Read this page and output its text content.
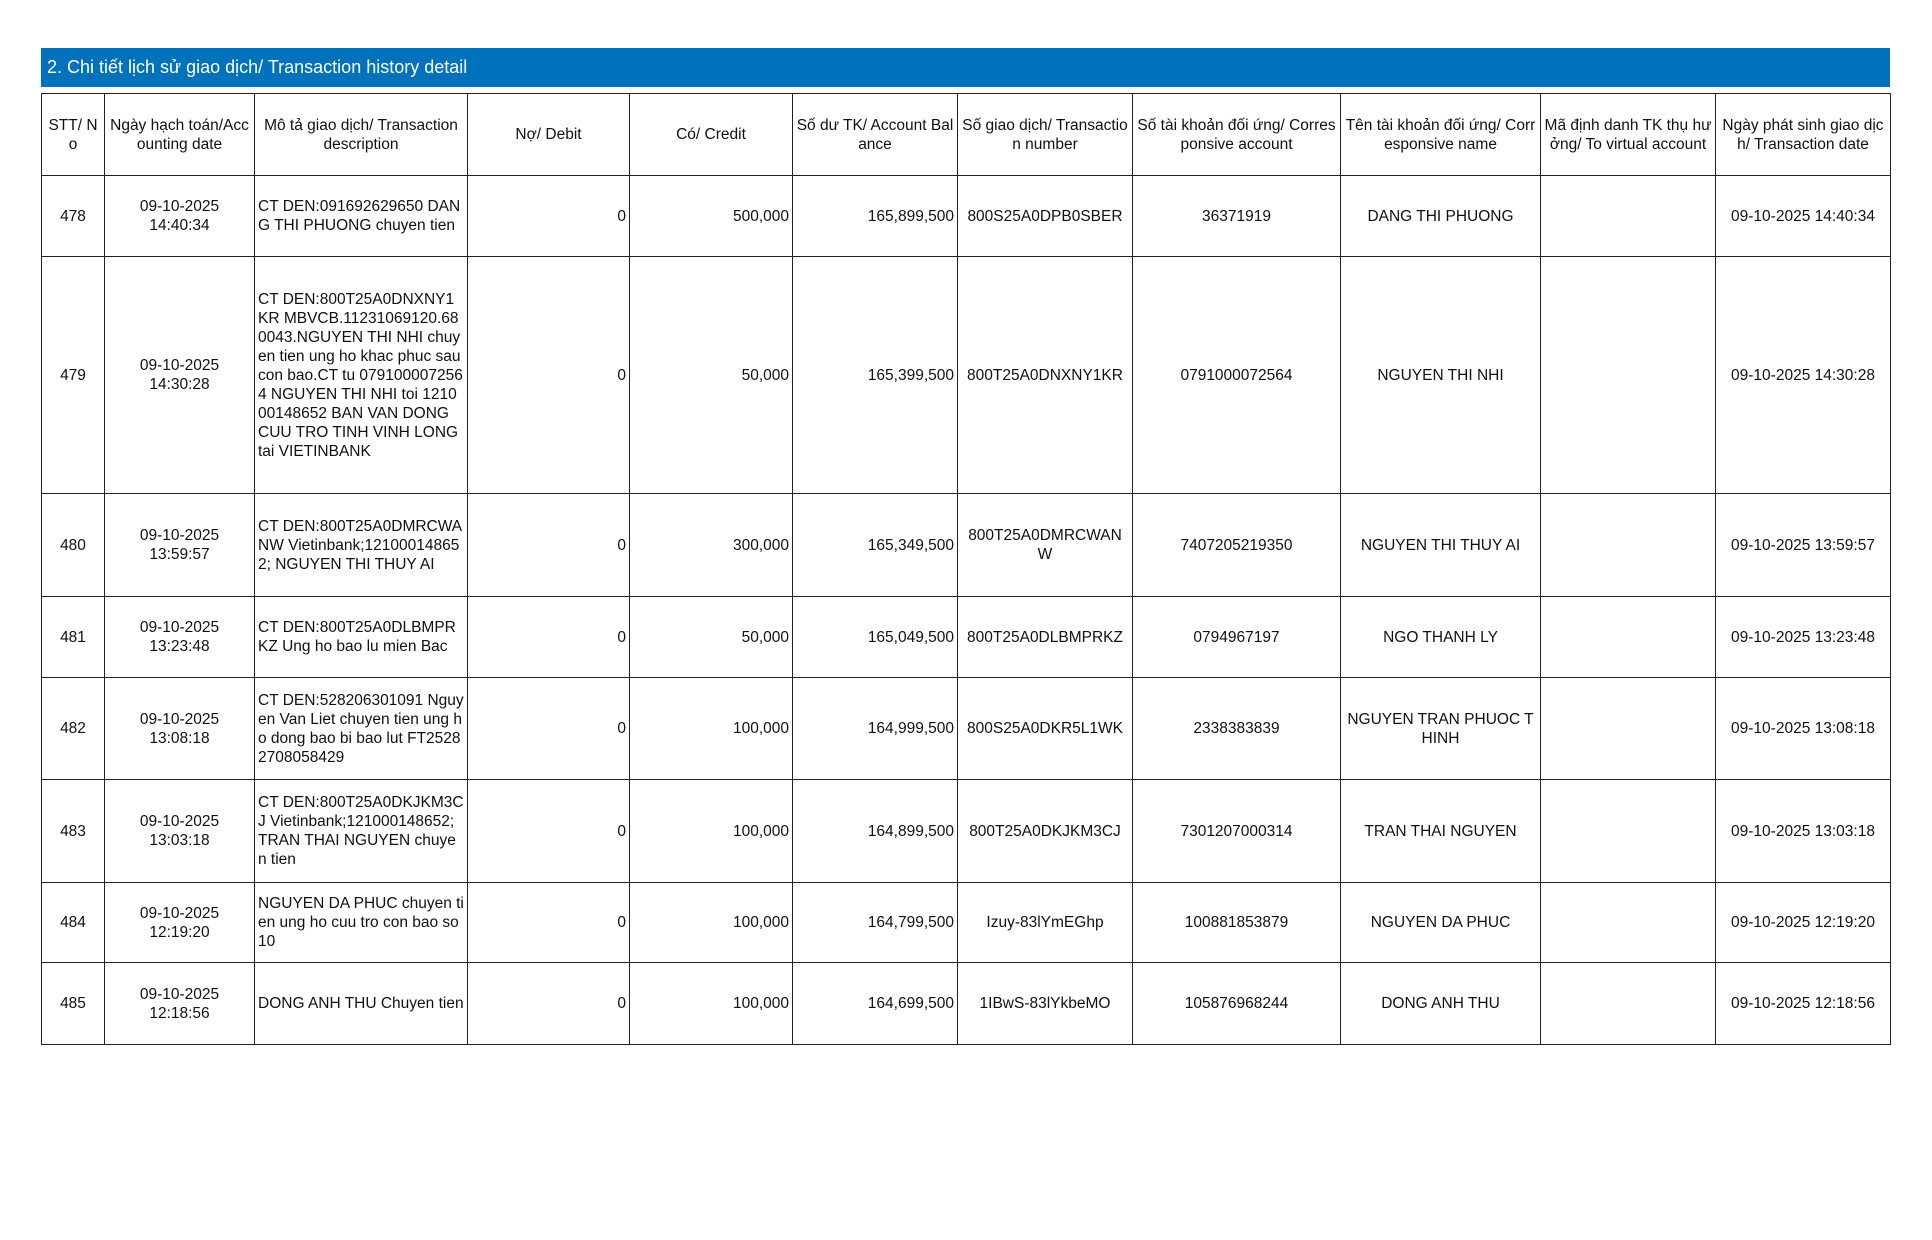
2. Chi tiết lịch sử giao dịch/ Transaction history detail
STT/ No	Ngày hạch toán/Accounting date	Mô tả giao dịch/ Transaction description	Nợ/ Debit	Có/ Credit	Số dư TK/ Account Balance	Số giao dịch/ Transaction number	Số tài khoản đối ứng/ Corresponsive account	Tên tài khoản đối ứng/ Corresponsive name	Mã định danh TK thụ hưởng/ To virtual account	Ngày phát sinh giao dịch/ Transaction date
478	09-10-2025 14:40:34	CT DEN:091692629650 DANG THI PHUONG chuyen tien	0	500,000	165,899,500	800S25A0DPB0SBER	36371919	DANG THI PHUONG		09-10-2025 14:40:34
479	09-10-2025 14:30:28	CT DEN:800T25A0DNXNY1KR MBVCB.11231069120.680043.NGUYEN THI NHI chuyen tien ung ho khac phuc sau con bao.CT tu 0791000072564 NGUYEN THI NHI toi 121000148652 BAN VAN DONG CUU TRO TINH VINH LONG tai VIETINBANK	0	50,000	165,399,500	800T25A0DNXNY1KR	0791000072564	NGUYEN THI NHI		09-10-2025 14:30:28
480	09-10-2025 13:59:57	CT DEN:800T25A0DMRCWANW Vietinbank;121000148652; NGUYEN THI THUY AI	0	300,000	165,349,500	800T25A0DMRCWANW	7407205219350	NGUYEN THI THUY AI		09-10-2025 13:59:57
481	09-10-2025 13:23:48	CT DEN:800T25A0DLBMPRKZ Ung ho bao lu mien Bac	0	50,000	165,049,500	800T25A0DLBMPRKZ	0794967197	NGO THANH LY		09-10-2025 13:23:48
482	09-10-2025 13:08:18	CT DEN:528206301091 Nguyen Van Liet chuyen tien ung ho dong bao bi bao lut FT25282708058429	0	100,000	164,999,500	800S25A0DKR5L1WK	2338383839	NGUYEN TRAN PHUOC THINH		09-10-2025 13:08:18
483	09-10-2025 13:03:18	CT DEN:800T25A0DKJKM3CJ Vietinbank;121000148652; TRAN THAI NGUYEN chuyen tien	0	100,000	164,899,500	800T25A0DKJKM3CJ	7301207000314	TRAN THAI NGUYEN		09-10-2025 13:03:18
484	09-10-2025 12:19:20	NGUYEN DA PHUC chuyen tien ung ho cuu tro con bao so 10	0	100,000	164,799,500	Izuy-83lYmEGhp	100881853879	NGUYEN DA PHUC		09-10-2025 12:19:20
485	09-10-2025 12:18:56	DONG ANH THU Chuyen tien	0	100,000	164,699,500	1IBwS-83lYkbeMO	105876968244	DONG ANH THU		09-10-2025 12:18:56
